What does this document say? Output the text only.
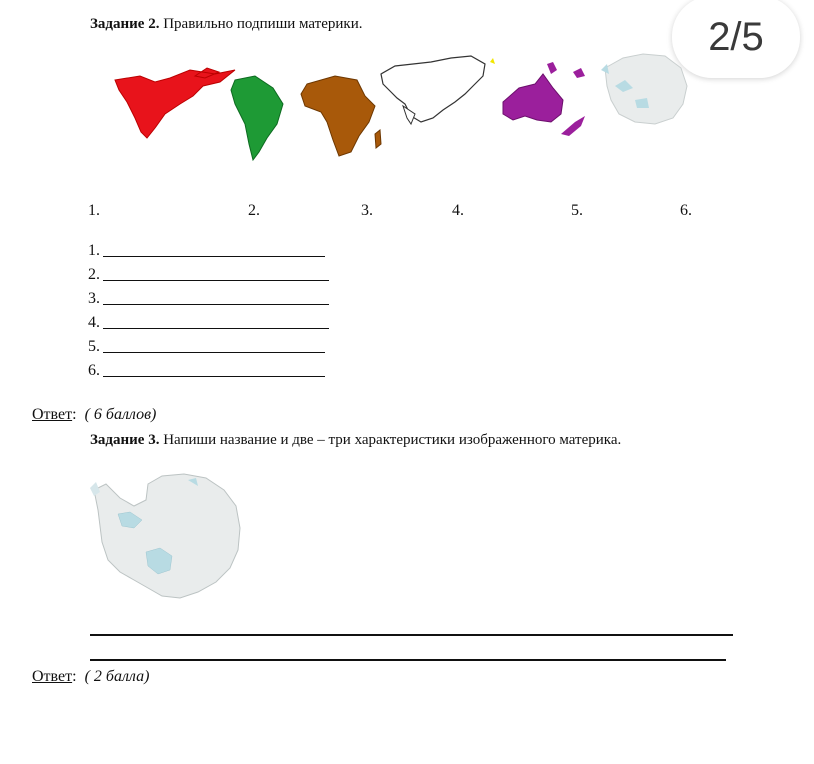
2/5
Задание 2. Правильно подпиши материки.
1.	2.	3.	4.	5.	6.
1.
2.
3.
4.
5.
6.
Ответ: ( 6 баллов)
Задание 3. Напиши название и две – три характеристики изображенного материка.
Ответ: ( 2 балла)
